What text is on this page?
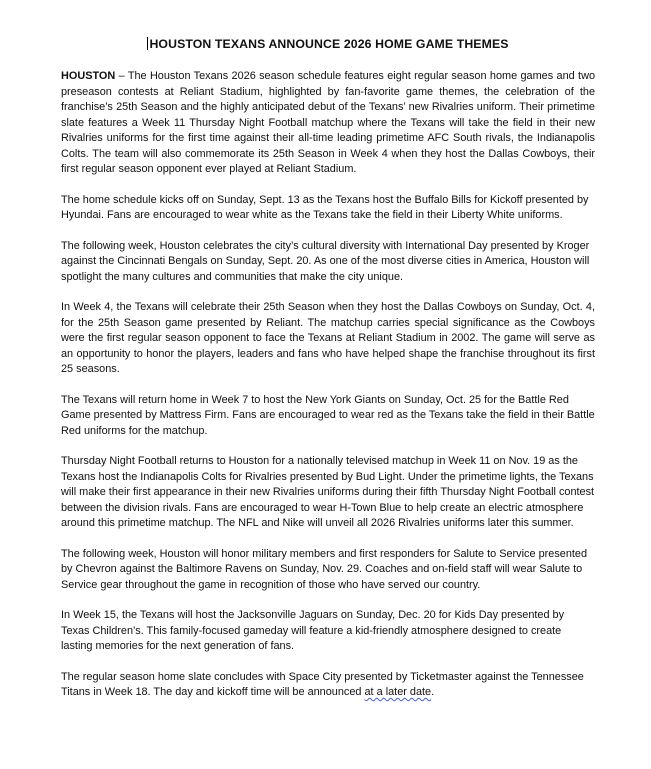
HOUSTON TEXANS ANNOUNCE 2026 HOME GAME THEMES

HOUSTON – The Houston Texans 2026 season schedule features eight regular season home games and two preseason contests at Reliant Stadium, highlighted by fan-favorite game themes, the celebration of the franchise’s 25th Season and the highly anticipated debut of the Texans’ new Rivalries uniform. Their primetime slate features a Week 11 Thursday Night Football matchup where the Texans will take the field in their new Rivalries uniforms for the first time against their all-time leading primetime AFC South rivals, the Indianapolis Colts. The team will also commemorate its 25th Season in Week 4 when they host the Dallas Cowboys, their first regular season opponent ever played at Reliant Stadium.

The home schedule kicks off on Sunday, Sept. 13 as the Texans host the Buffalo Bills for Kickoff presented by Hyundai. Fans are encouraged to wear white as the Texans take the field in their Liberty White uniforms.

The following week, Houston celebrates the city’s cultural diversity with International Day presented by Kroger against the Cincinnati Bengals on Sunday, Sept. 20. As one of the most diverse cities in America, Houston will spotlight the many cultures and communities that make the city unique.

In Week 4, the Texans will celebrate their 25th Season when they host the Dallas Cowboys on Sunday, Oct. 4, for the 25th Season game presented by Reliant. The matchup carries special significance as the Cowboys were the first regular season opponent to face the Texans at Reliant Stadium in 2002. The game will serve as an opportunity to honor the players, leaders and fans who have helped shape the franchise throughout its first 25 seasons.

The Texans will return home in Week 7 to host the New York Giants on Sunday, Oct. 25 for the Battle Red Game presented by Mattress Firm. Fans are encouraged to wear red as the Texans take the field in their Battle Red uniforms for the matchup.

Thursday Night Football returns to Houston for a nationally televised matchup in Week 11 on Nov. 19 as the Texans host the Indianapolis Colts for Rivalries presented by Bud Light. Under the primetime lights, the Texans will make their first appearance in their new Rivalries uniforms during their fifth Thursday Night Football contest between the division rivals. Fans are encouraged to wear H-Town Blue to help create an electric atmosphere around this primetime matchup. The NFL and Nike will unveil all 2026 Rivalries uniforms later this summer.

The following week, Houston will honor military members and first responders for Salute to Service presented by Chevron against the Baltimore Ravens on Sunday, Nov. 29. Coaches and on-field staff will wear Salute to Service gear throughout the game in recognition of those who have served our country.

In Week 15, the Texans will host the Jacksonville Jaguars on Sunday, Dec. 20 for Kids Day presented by Texas Children’s. This family-focused gameday will feature a kid-friendly atmosphere designed to create lasting memories for the next generation of fans.

The regular season home slate concludes with Space City presented by Ticketmaster against the Tennessee Titans in Week 18. The day and kickoff time will be announced at a later date.
